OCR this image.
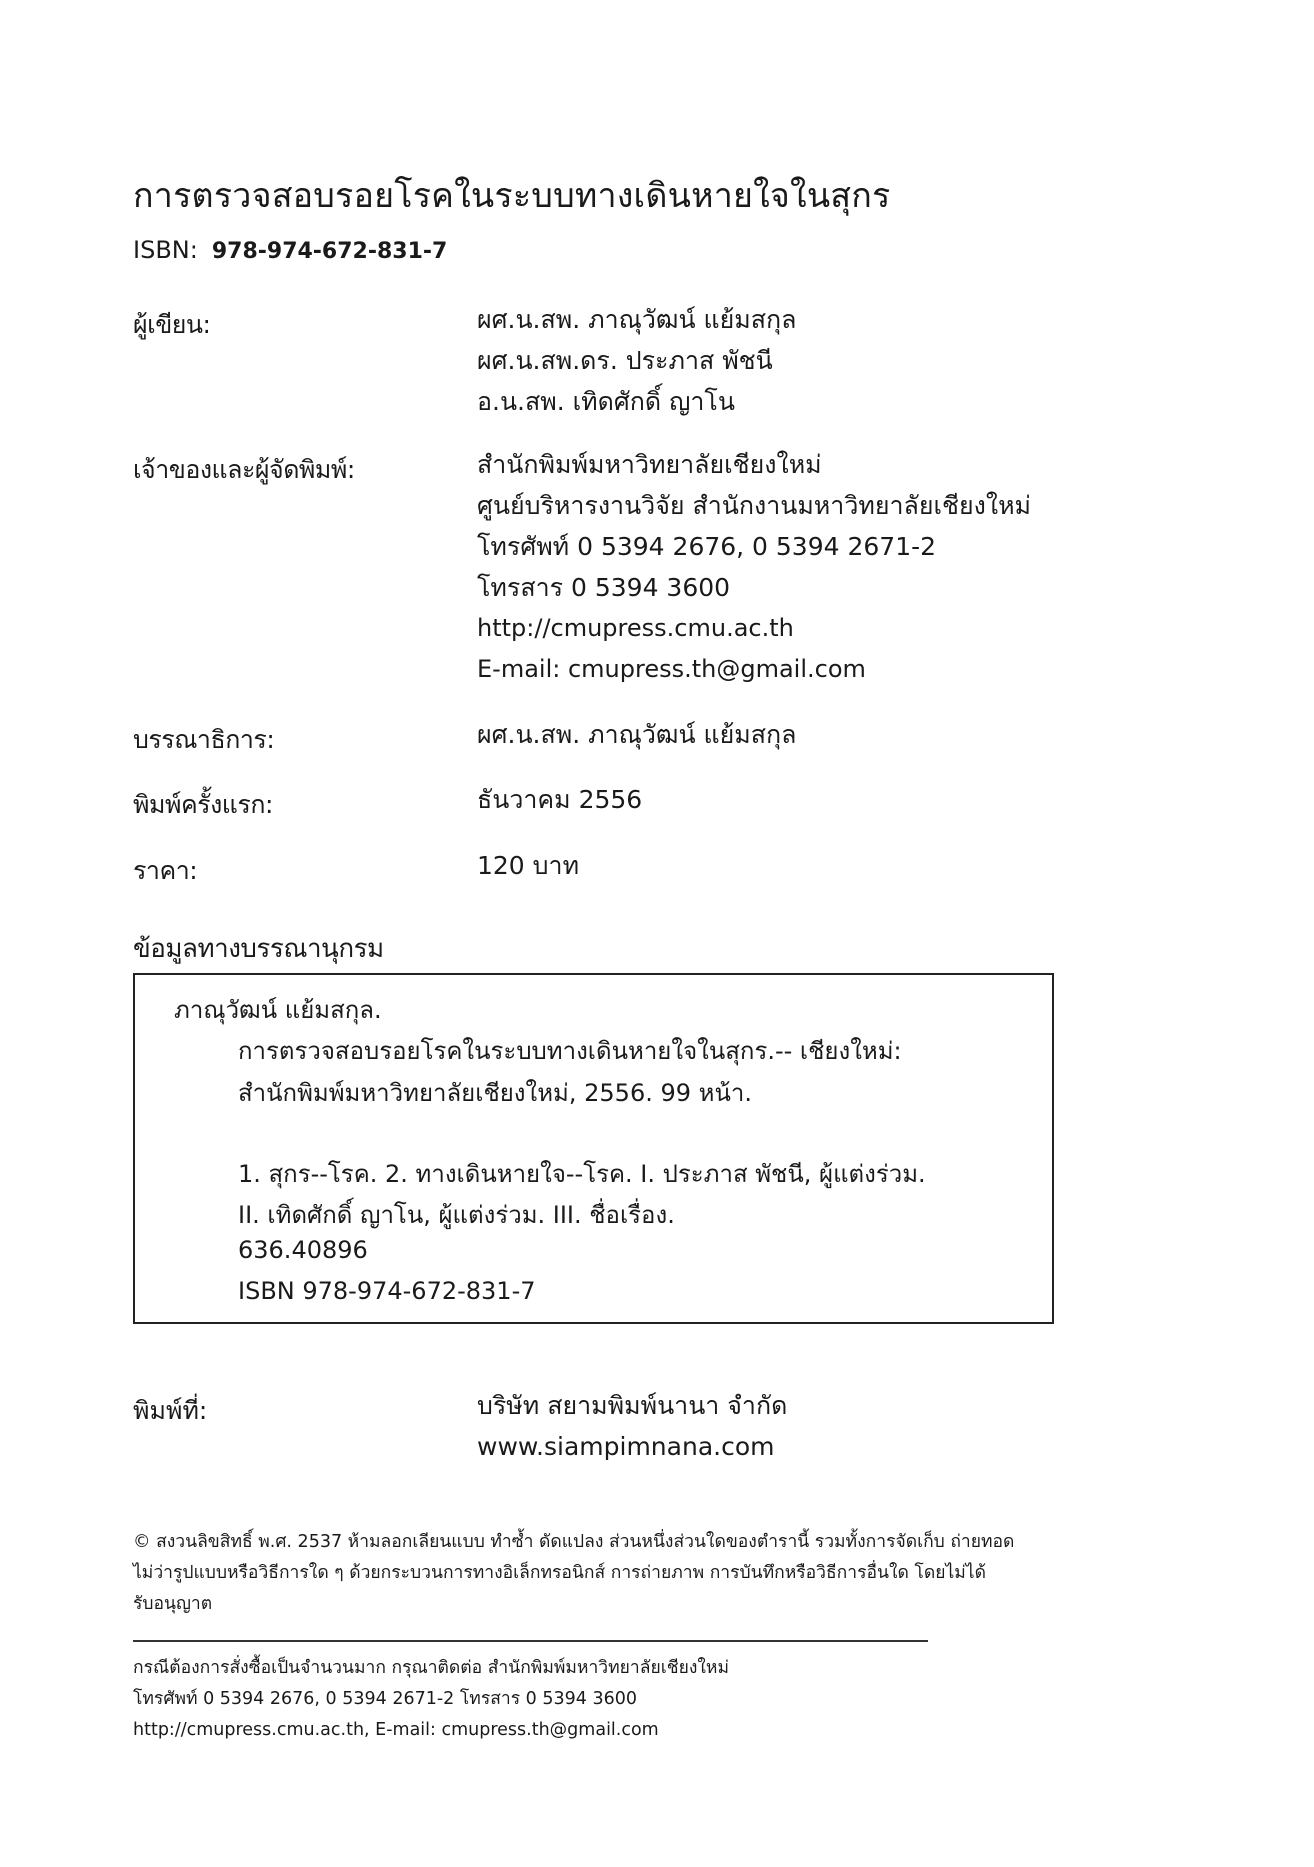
การตรวจสอบรอยโรคในระบบทางเดินหายใจในสุกร
ISBN: 978-974-672-831-7
ผู้เขียน:	ผศ.น.สพ. ภาณุวัฒน์ แย้มสกุล
ผศ.น.สพ.ดร. ประภาส พัชนี
อ.น.สพ. เทิดศักดิ์ ญาโน
เจ้าของและผู้จัดพิมพ์:	สำนักพิมพ์มหาวิทยาลัยเชียงใหม่
ศูนย์บริหารงานวิจัย สำนักงานมหาวิทยาลัยเชียงใหม่
โทรศัพท์ 0 5394 2676, 0 5394 2671-2
โทรสาร 0 5394 3600
http://cmupress.cmu.ac.th
E-mail: cmupress.th@gmail.com
บรรณาธิการ:	ผศ.น.สพ. ภาณุวัฒน์ แย้มสกุล
พิมพ์ครั้งแรก:	ธันวาคม 2556
ราคา:	120 บาท
ข้อมูลทางบรรณานุกรม
ภาณุวัฒน์ แย้มสกุล.
การตรวจสอบรอยโรคในระบบทางเดินหายใจในสุกร.-- เชียงใหม่:
สำนักพิมพ์มหาวิทยาลัยเชียงใหม่, 2556. 99 หน้า.
1. สุกร--โรค. 2. ทางเดินหายใจ--โรค. I. ประภาส พัชนี, ผู้แต่งร่วม.
II. เทิดศักดิ์ ญาโน, ผู้แต่งร่วม. III. ชื่อเรื่อง.
636.40896
ISBN 978-974-672-831-7
พิมพ์ที่:	บริษัท สยามพิมพ์นานา จำกัด
www.siampimnana.com
© สงวนลิขสิทธิ์ พ.ศ. 2537 ห้ามลอกเลียนแบบ ทำซ้ำ ดัดแปลง ส่วนหนึ่งส่วนใดของตำรานี้ รวมทั้งการจัดเก็บ ถ่ายทอด
ไม่ว่ารูปแบบหรือวิธีการใด ๆ ด้วยกระบวนการทางอิเล็กทรอนิกส์ การถ่ายภาพ การบันทึกหรือวิธีการอื่นใด โดยไม่ได้
รับอนุญาต
กรณีต้องการสั่งซื้อเป็นจำนวนมาก กรุณาติดต่อ สำนักพิมพ์มหาวิทยาลัยเชียงใหม่
โทรศัพท์ 0 5394 2676, 0 5394 2671-2 โทรสาร 0 5394 3600
http://cmupress.cmu.ac.th, E-mail: cmupress.th@gmail.com
